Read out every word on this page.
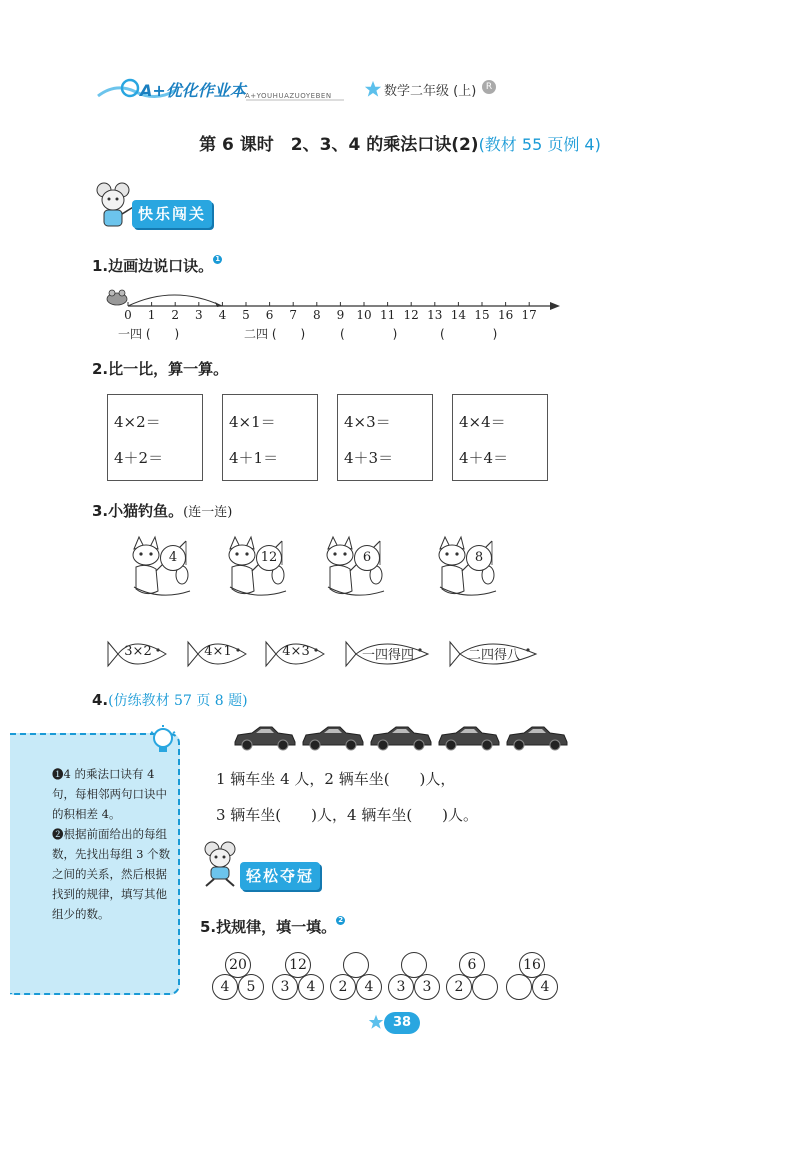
A+优化作业本 A+YOUHUAZUOYEBEN	数学二年级 (上)	R
第 6 课时　2、3、4 的乘法口诀(2)(教材 55 页例 4)
快乐闯关
1.边画边说口诀。 $^1$
0	1	2	3	4	5	6	7	8	9	10 11 12 13 14 15 16 17
一四 (　　)	二四 (　　)	(　　　　)	(　　　　)
2.比一比，算一算。
4×2＝
4＋2＝
4×1＝
4＋1＝
4×3＝
4＋3＝
4×4＝
4＋4＝
3.小猫钓鱼。(连一连)
4	12	6	8
3×2	4×1	4×3	一四得四	二四得八
4.(仿练教材 57 页 8 题)
1 辆车坐 4 人，2 辆车坐(　　)人，
3 辆车坐(　　)人，4 辆车坐(　　)人。
❶4 的乘法口诀有 4 句，每相邻两句口诀中的积相差 4。
❷根据前面给出的每组数，先找出每组 3 个数之间的关系，然后根据找到的规律，填写其他组少的数。
轻松夺冠
5.找规律，填一填。 $^2$
20
4	5
12
3	4	2	4	3	3
6
2
16
4
38
